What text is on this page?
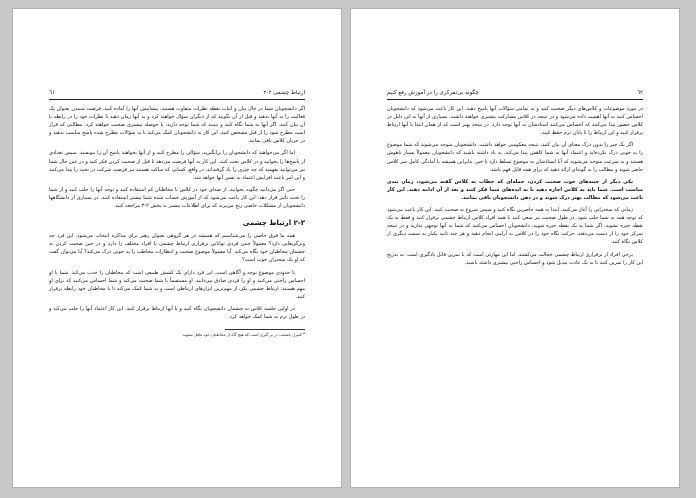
٦١	۲-۲ ارتباط چشمی

اگر دانشجویان شما در حال بیان و اثبات نقطه نظرات متفاوت هستند، پیشاپیش آنها را آماده کنید. فرصت شنیدن بعنوان یک فعالیت را به آنها بدهید و قبل از آن بگویید که از دیگران سؤال خواهید کرد و به آنها زمان دهید تا نظرات خود را در رابطه با آن بیان کنند. اگر آنها به شما نگاه کنند و ببینند که شما توجه دارید، با حوصله بیشتری صحبت خواهند کرد. مطالبی که قرار است مطرح شود را از قبل مشخص کنید، این کار به دانشجویان کمک می‌کند تا به سؤالات مطرح شده پاسخ مناسب بدهند و در جریان کلاس باقی بمانند.

اما اگر می‌خواهید که دانشجویان را برانگیزید، سؤالی را مطرح کنید و از آنها بخواهید پاسخ آن را بنویسند. سپس تعدادی از پاسخ‌ها را بخوانید و در کلاس بحث کنید. این کار به آنها فرصت می‌دهد تا قبل از صحبت کردن فکر کنند و در عین حال شما نیز می‌توانید بفهمید که چه چیزی را یاد گرفته‌اند. در واقع، کسانی که ساکت هستند نیز فرصت شرکت در بحث را پیدا می‌کنند و این امر باعث افزایش اعتماد به نفس آنها خواهد شد.

حتی اگر می‌دانید چگونه بخوانید، از صدای خود در کلاس با مخاطبان کم استفاده کنید و توجه آنها را جلب کنید و از شما را تحت تأثیر قرار دهد. این کار باعث می‌شود که از آموزش حساب شده شما بیشتر استفاده کنند. در بسیاری از دانشگاهها دانشجویان از مشکلات خاصی رنج می‌برند که برای اطلاعات بیشتر به بخش ۲-۳ مراجعه کنید.

۲-۳ ارتباط چشمی

همه ما فرق خاصی را می‌شناسیم که همیشه در هر گروهی بعنوان رهبر برای مذاکره انتخاب می‌شود. این فرد چه ویژگی‌هایی دارد؟ معمولاً چنین فردی توانایی برقراری ارتباط چشمی با افراد مختلف را دارد و در حین صحبت کردن به چشمان مخاطبان خود نگاه می‌کند. آیا معمولاً موضوع صحبت و انتظارات مخاطب را به خوبی درک می‌کند؟ آیا می‌توان گفت که او یک سخنران خوب است؟

تا حدودی موضوع توجه و آگاهی است. این فرد دارای یک کشش طبیعی است که مخاطبان را جذب می‌کند. شما با او احساس راحتی می‌کنید و او را فردی صادق می‌دانید. او مستقیماً با شما صحبت می‌کند و شما احساس می‌کنید که برای او مهم هستید. ارتباط چشمی یکی از مهم‌ترین ابزارهای ارتباطی است و به شما کمک می‌کند تا با مخاطبان خود رابطه برقرار کنید.

در اولین جلسه کلاس به چشمان دانشجویان نگاه کنید و با آنها ارتباط برقرار کنید. این کار اعتماد آنها را جلب می‌کند و در طول ترم به شما کمک خواهد کرد.

* کنترل جمعیت در بر گیری است که هیچ گاه از مخاطبان خود غافل نشوید.
٦۲
چگونه بی‌تمرکزی را در آموزش رفع کنیم

در مورد موضوعات و کلاس‌های دیگر صحبت کنید و به تمامی سؤالات آنها پاسخ دهید. این کار باعث می‌شود که دانشجویان احساس کنند به آنها اهمیت داده می‌شود و در نتیجه در کلاس مشارکت بیشتری خواهند داشت. بسیاری از آنها به این دلیل در کلاس حضور پیدا می‌کنند که احساس می‌کنند استادشان به آنها توجه دارد. در نتیجه بهتر است که از همان ابتدا با آنها ارتباط برقرار کنید و این ارتباط را تا پایان ترم حفظ کنید.

اگر یک چیز را بدون درک معنای آن بیان کنید، نتیجه معکوسی خواهد داشت. دانشجویان متوجه می‌شوند که شما موضوع را به خوبی درک نکرده‌اید و اعتماد آنها به شما کاهش پیدا می‌کند. به یاد داشته باشید که دانشجویان معمولاً بسیار باهوش هستند و به سرعت متوجه می‌شوند که آیا استادشان به موضوع تسلط دارد یا خیر. بنابراین همیشه با آمادگی کامل سر کلاس حاضر شوید و مطالب را به گونه‌ای ارائه دهید که برای همه قابل فهم باشد.

یکی دیگر از جنبه‌های خوب صحبت کردن، جمله‌ای که خطاب به کلاس گفته می‌شود، زمان بندی مناسب است. شما باید به کلاس اجازه دهید تا به ایده‌های شما فکر کنند و بعد از آن ادامه دهید. این کار باعث می‌شود که مطالب بهتر درک شوند و در ذهن دانشجویان باقی بمانند.

زمانی که سخنرانی را آغاز می‌کنید، ابتدا به همه حاضرین نگاه کنید و سپس شروع به صحبت کنید. این کار باعث می‌شود که توجه همه به شما جلب شود. در طول صحبت نیز سعی کنید با همه افراد کلاس ارتباط چشمی برقرار کنید و فقط به یک نقطه خیره نشوید. اگر شما به یک نقطه خیره شوید، دانشجویان احساس می‌کنند که شما به آنها توجهی ندارید و در نتیجه تمرکز خود را از دست می‌دهند. حرکت نگاه خود را در کلاس به آرامی انجام دهید و هر چند ثانیه یکبار به سمت دیگری از کلاس نگاه کنید.

برخی افراد از برقراری ارتباط چشمی خجالت می‌کشند، اما این مهارتی است که با تمرین قابل یادگیری است. به تدریج این کار را تمرین کنید تا به یک عادت تبدیل شود و احساس راحتی بیشتری داشته باشید.
